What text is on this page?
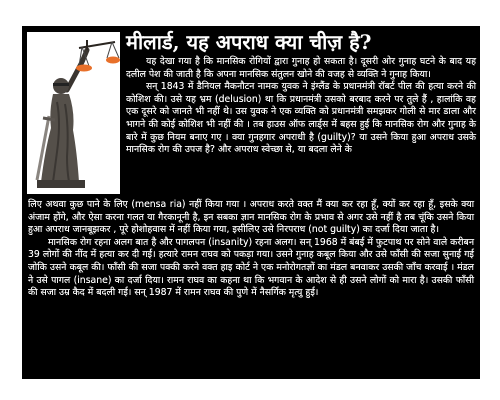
मीलार्ड, यह अपराध क्या चीज़ है?

यह देखा गया है कि मानसिक रोगियों द्वारा गुनाह हो सकता है। दूसरी ओर गुनाह घटने के बाद यह दलील पेश की जाती है कि अपना मानसिक संतुलन खोने की वजह से व्यक्ति ने गुनाह किया।

सन् 1843 में डैनियल मैकनौटन नामक युवक ने इंग्लैंड के प्रधानमंत्री रॉबर्ट पील की हत्या करने की कोशिश की। उसे यह भ्रम (delusion) था कि प्रधानमंत्री उसको बरबाद करने पर तुले हैं , हालांकि वह एक दूसरे को जानते भी नहीं थे। उस युवक ने एक व्यक्ति को प्रधानमंत्री समझकर गोली से मार डाला और भागने की कोई कोशिश भी नहीं की । तब हाउस ऑफ लार्ड्स में बहस हुई कि मानसिक रोग और गुनाह के बारे में कुछ नियम बनाए गए । क्या गुनहगार अपराधी है (guilty)? या उसने किया हुआ अपराध उसके मानसिक रोग की उपज है? और अपराध स्वेच्छा से, या बदला लेने के

लिए अथवा कुछ पाने के लिए (mensa ria) नहीं किया गया । अपराध करते वक्त मैं क्या कर रहा हूँ, क्यों कर रहा हूँ, इसके क्या अंजाम होंगे, और ऐसा करना गलत या गैरकानूनी है, इन सबका ज्ञान मानसिक रोग के प्रभाव से अगर उसे नहीं है तब चूंकि उसने किया हुआ अपराध जानबूझकर , पूरे होशोहवास में नहीं किया गया, इसीलिए उसे निरपराध (not guilty) का दर्जा दिया जाता है।

मानसिक रोग रहना अलग बात है और पागलपन (insanity) रहना अलग। सन् 1968 में बंबई में फुटपाथ पर सोने वाले करीबन 39 लोगों की नींद में हत्या कर दी गई। हत्यारे रामन राघव को पकड़ा गया। उसने गुनाह कबूल किया और उसे फाँसी की सजा सुनाई गई जोकि उसने कबूल की। फाँसी की सजा पक्की करने वक्त हाइ कोर्ट ने एक मनोरोगतज्ञों का मंडल बनवाकर उसकी जाँच करवाई । मंडल ने उसे पागल (insane) का दर्जा दिया। रामन राघव का कहना था कि भगवान के आदेश से ही उसने लोगों को मारा है। उसकी फाँसी की सजा उम्र कैद में बदली गई। सन् 1987 में रामन राघव की पुणे में नैसर्गिक मृत्यु हुई।
